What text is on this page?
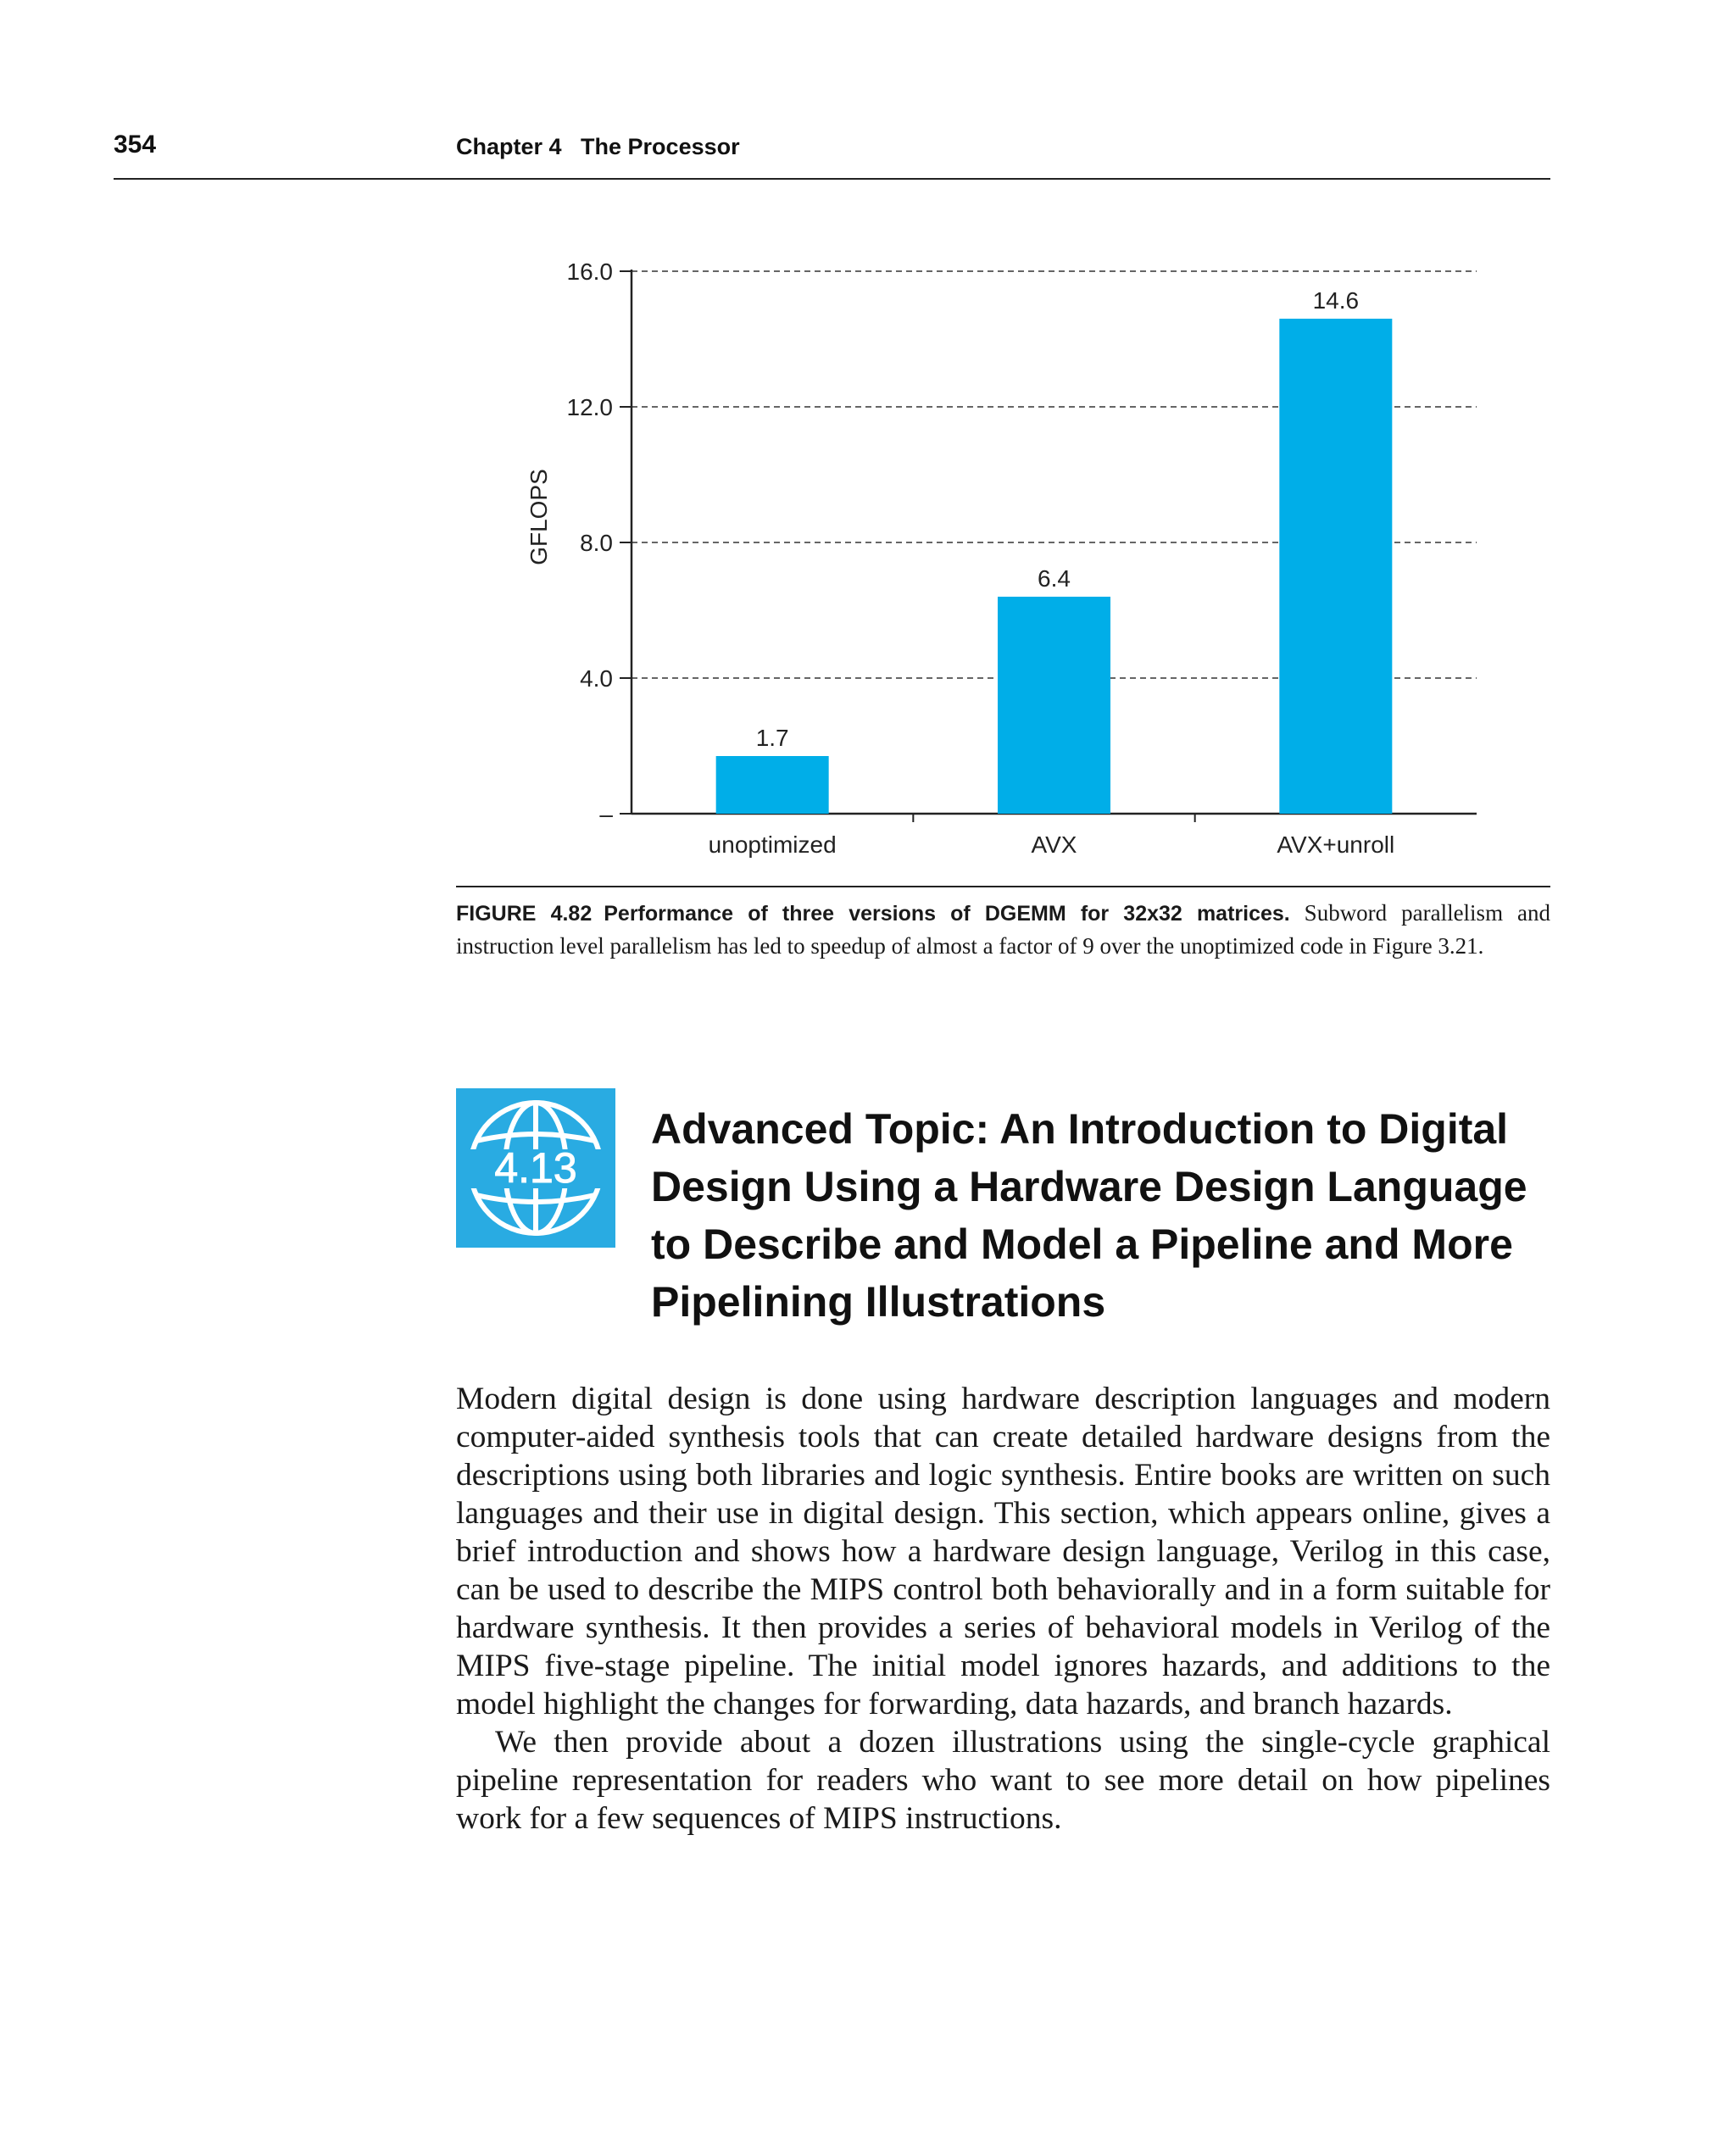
354	Chapter 4   The Processor
–
4.0
8.0
12.0
16.0
1.7
unoptimized
6.4
AVX
14.6
AVX+unroll
GFLOPS
FIGURE 4.82 Performance of three versions of DGEMM for 32x32 matrices. Subword parallelism and instruction level parallelism has led to speedup of almost a factor of 9 over the unoptimized code in Figure 3.21.
4.13
Advanced Topic: An Introduction to Digital Design Using a Hardware Design Language to Describe and Model a Pipeline and More Pipelining Illustrations

Modern digital design is done using hardware description languages and modern computer-aided synthesis tools that can create detailed hardware designs from the descriptions using both libraries and logic synthesis. Entire books are written on such languages and their use in digital design. This section, which appears online, gives a brief introduction and shows how a hardware design language, Verilog in this case, can be used to describe the MIPS control both behaviorally and in a form suitable for hardware synthesis. It then provides a series of behavioral models in Verilog of the MIPS five-stage pipeline. The initial model ignores hazards, and additions to the model highlight the changes for forwarding, data hazards, and branch hazards.

We then provide about a dozen illustrations using the single-cycle graphical pipeline representation for readers who want to see more detail on how pipelines work for a few sequences of MIPS instructions.
